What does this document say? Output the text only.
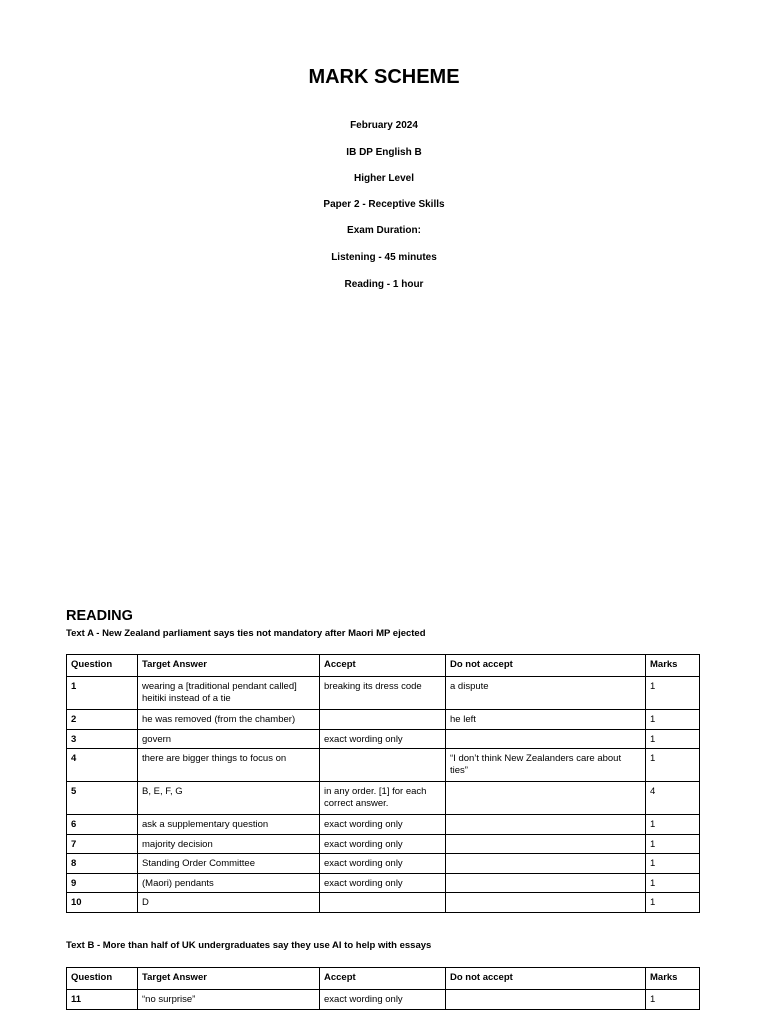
MARK SCHEME

February 2024

IB DP English B

Higher Level

Paper 2 - Receptive Skills

Exam Duration:

Listening - 45 minutes

Reading - 1 hour

READING

Text A - New Zealand parliament says ties not mandatory after Maori MP ejected

Question	Target Answer	Accept	Do not accept	Marks
1	wearing a [traditional pendant called] heitiki instead of a tie	breaking its dress code	a dispute	1
2	he was removed (from the chamber)		he left	1
3	govern	exact wording only		1
4	there are bigger things to focus on		“I don’t think New Zealanders care about ties”	1
5	B, E, F, G	in any order. [1] for each correct answer.		4
6	ask a supplementary question	exact wording only		1
7	majority decision	exact wording only		1
8	Standing Order Committee	exact wording only		1
9	(Maori) pendants	exact wording only		1
10	D			1

Text B - More than half of UK undergraduates say they use AI to help with essays

Question	Target Answer	Accept	Do not accept	Marks
11	“no surprise”	exact wording only		1
